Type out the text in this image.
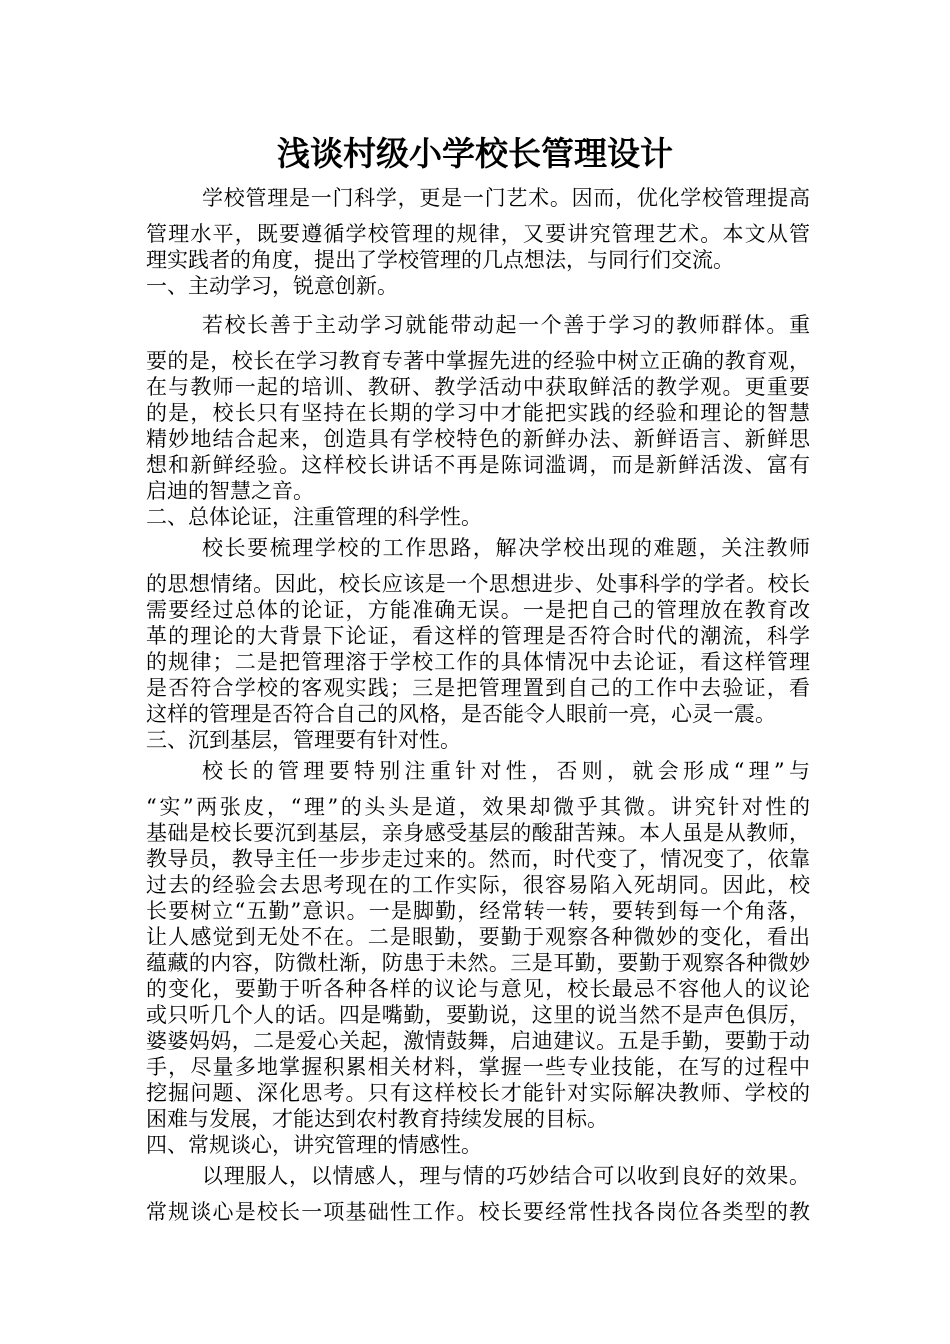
浅谈村级小学校长管理设计
学校管理是一门科学，更是一门艺术。因而，优化学校管理提高
管理水平，既要遵循学校管理的规律，又要讲究管理艺术。本文从管
理实践者的角度，提出了学校管理的几点想法，与同行们交流。
一、主动学习，锐意创新。
若校长善于主动学习就能带动起一个善于学习的教师群体。重
要的是，校长在学习教育专著中掌握先进的经验中树立正确的教育观，
在与教师一起的培训、教研、教学活动中获取鲜活的教学观。更重要
的是，校长只有坚持在长期的学习中才能把实践的经验和理论的智慧
精妙地结合起来，创造具有学校特色的新鲜办法、新鲜语言、新鲜思
想和新鲜经验。这样校长讲话不再是陈词滥调，而是新鲜活泼、富有
启迪的智慧之音。
二、总体论证，注重管理的科学性。
校长要梳理学校的工作思路，解决学校出现的难题，关注教师
的思想情绪。因此，校长应该是一个思想进步、处事科学的学者。校长
需要经过总体的论证，方能准确无误。一是把自己的管理放在教育改
革的理论的大背景下论证，看这样的管理是否符合时代的潮流，科学
的规律；二是把管理溶于学校工作的具体情况中去论证，看这样管理
是否符合学校的客观实践；三是把管理置到自己的工作中去验证，看
这样的管理是否符合自己的风格，是否能令人眼前一亮，心灵一震。
三、沉到基层，管理要有针对性。
校长的管理要特别注重针对性，否则，就会形成“理”与
“实”两张皮，“理”的头头是道，效果却微乎其微。讲究针对性的
基础是校长要沉到基层，亲身感受基层的酸甜苦辣。本人虽是从教师，
教导员，教导主任一步步走过来的。然而，时代变了，情况变了，依靠
过去的经验会去思考现在的工作实际，很容易陷入死胡同。因此，校
长要树立“五勤”意识。一是脚勤，经常转一转，要转到每一个角落，
让人感觉到无处不在。二是眼勤，要勤于观察各种微妙的变化，看出
蕴藏的内容，防微杜渐，防患于未然。三是耳勤，要勤于观察各种微妙
的变化，要勤于听各种各样的议论与意见，校长最忌不容他人的议论
或只听几个人的话。四是嘴勤，要勤说，这里的说当然不是声色俱厉，
婆婆妈妈，二是爱心关起，激情鼓舞，启迪建议。五是手勤，要勤于动
手，尽量多地掌握积累相关材料，掌握一些专业技能，在写的过程中
挖掘问题、深化思考。只有这样校长才能针对实际解决教师、学校的
困难与发展，才能达到农村教育持续发展的目标。
四、常规谈心，讲究管理的情感性。
以理服人，以情感人，理与情的巧妙结合可以收到良好的效果。
常规谈心是校长一项基础性工作。校长要经常性找各岗位各类型的教
